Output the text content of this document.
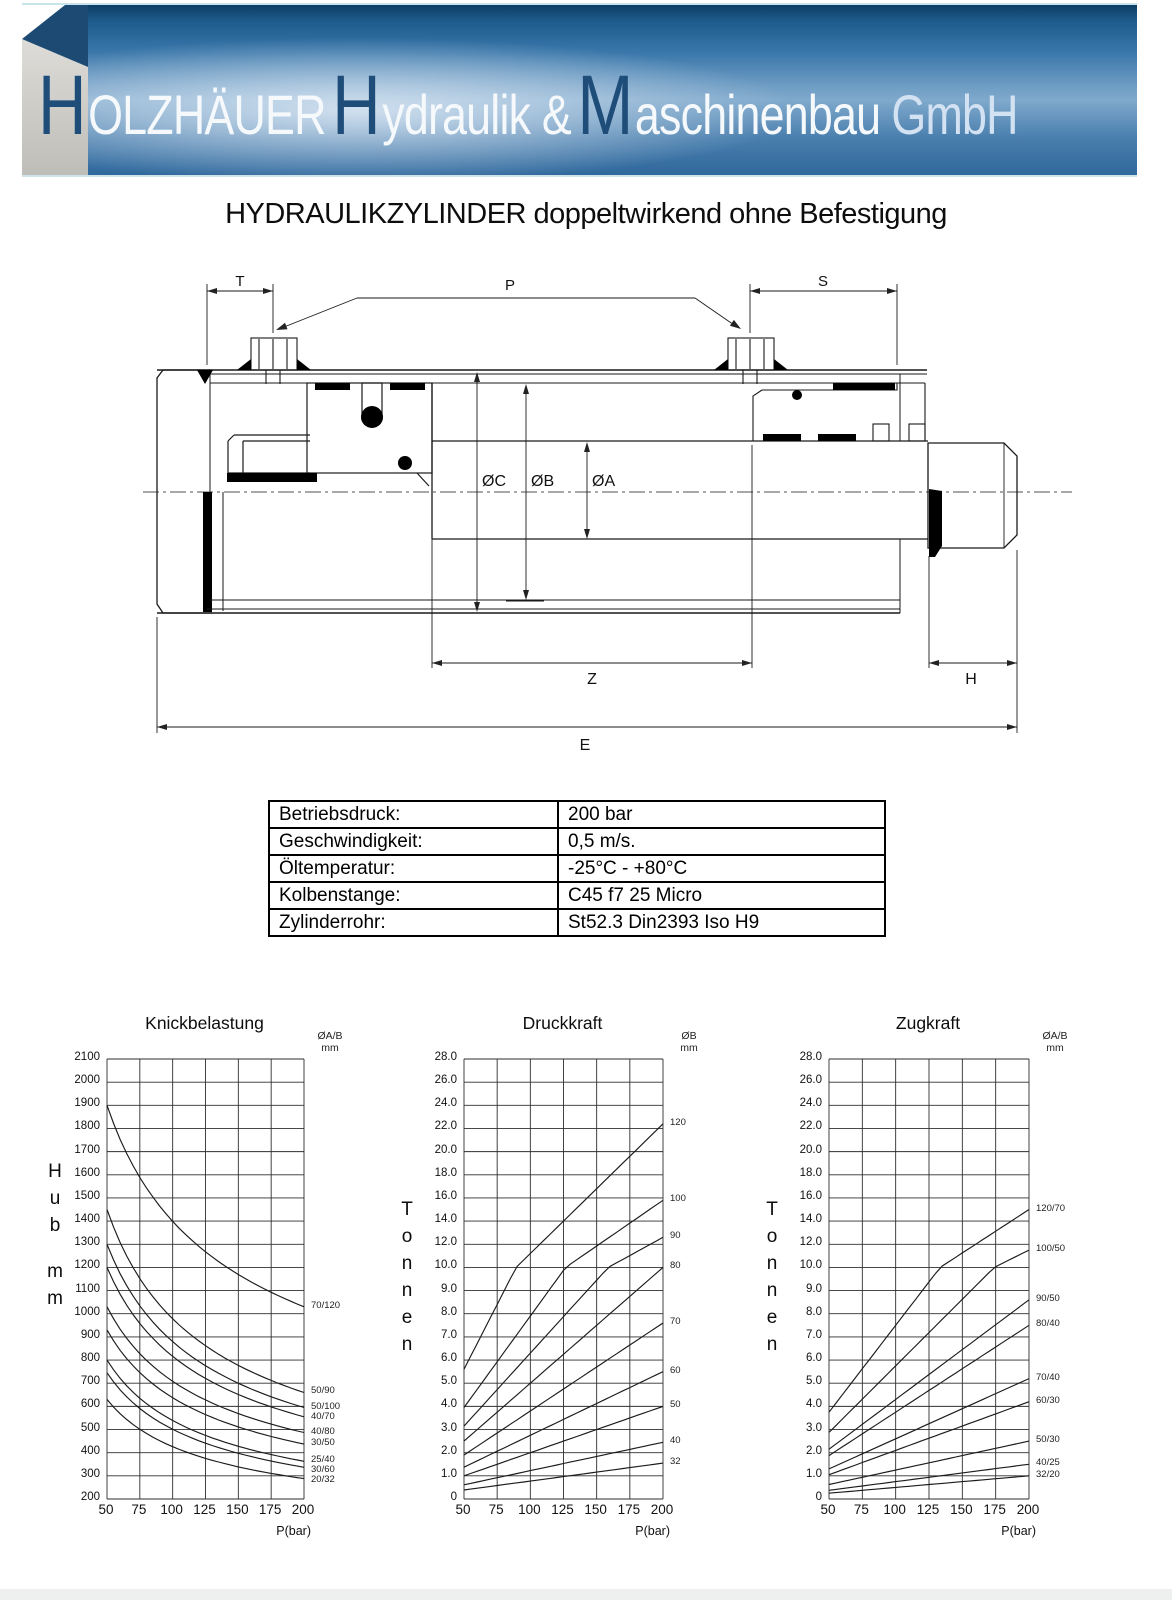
H OLZHÄUER H ydraulik & M aschinenbau GmbH
HYDRAULIKZYLINDER doppeltwirkend ohne Befestigung
T	P	S
ØC ØB ØA
Z	H
E
Betriebsdruck:	200 bar
Geschwindigkeit:	0,5 m/s.
Öltemperatur:	-25°C - +80°C
Kolbenstange:	C45 f7 25 Micro
Zylinderrohr:	St52.3 Din2393 Iso H9
Knickbelastung
ØA/B
mm
P(bar)
H
u
b
m
m
2100
2000
1900
1800
1700
1600
1500
1400
1300
1200
1100
1000
900
800
700
600
500
400
300
200
50	75	100 125 150 175 200
70/120
50/90
50/100
40/70
40/80
30/50
25/40
30/60
20/32
Druckkraft
ØB
mm
P(bar)
T
o
n
n
e
n
28.0
26.0
24.0
22.0
20.0
18.0
16.0
14.0
12.0
10.0
9.0
8.0
7.0
6.0
5.0
4.0
3.0
2.0
1.0
0
50	75	100 125 150 175 200
120
100
90
80
70
60
50
40
32
Zugkraft
ØA/B
mm
P(bar)
T
o
n
n
e
n
28.0
26.0
24.0
22.0
20.0
18.0
16.0
14.0
12.0
10.0
9.0
8.0
7.0
6.0
5.0
4.0
3.0
2.0
1.0
0
50	75	100 125 150 175 200
120/70
100/50
90/50
80/40
70/40
60/30
50/30
40/25
32/20
